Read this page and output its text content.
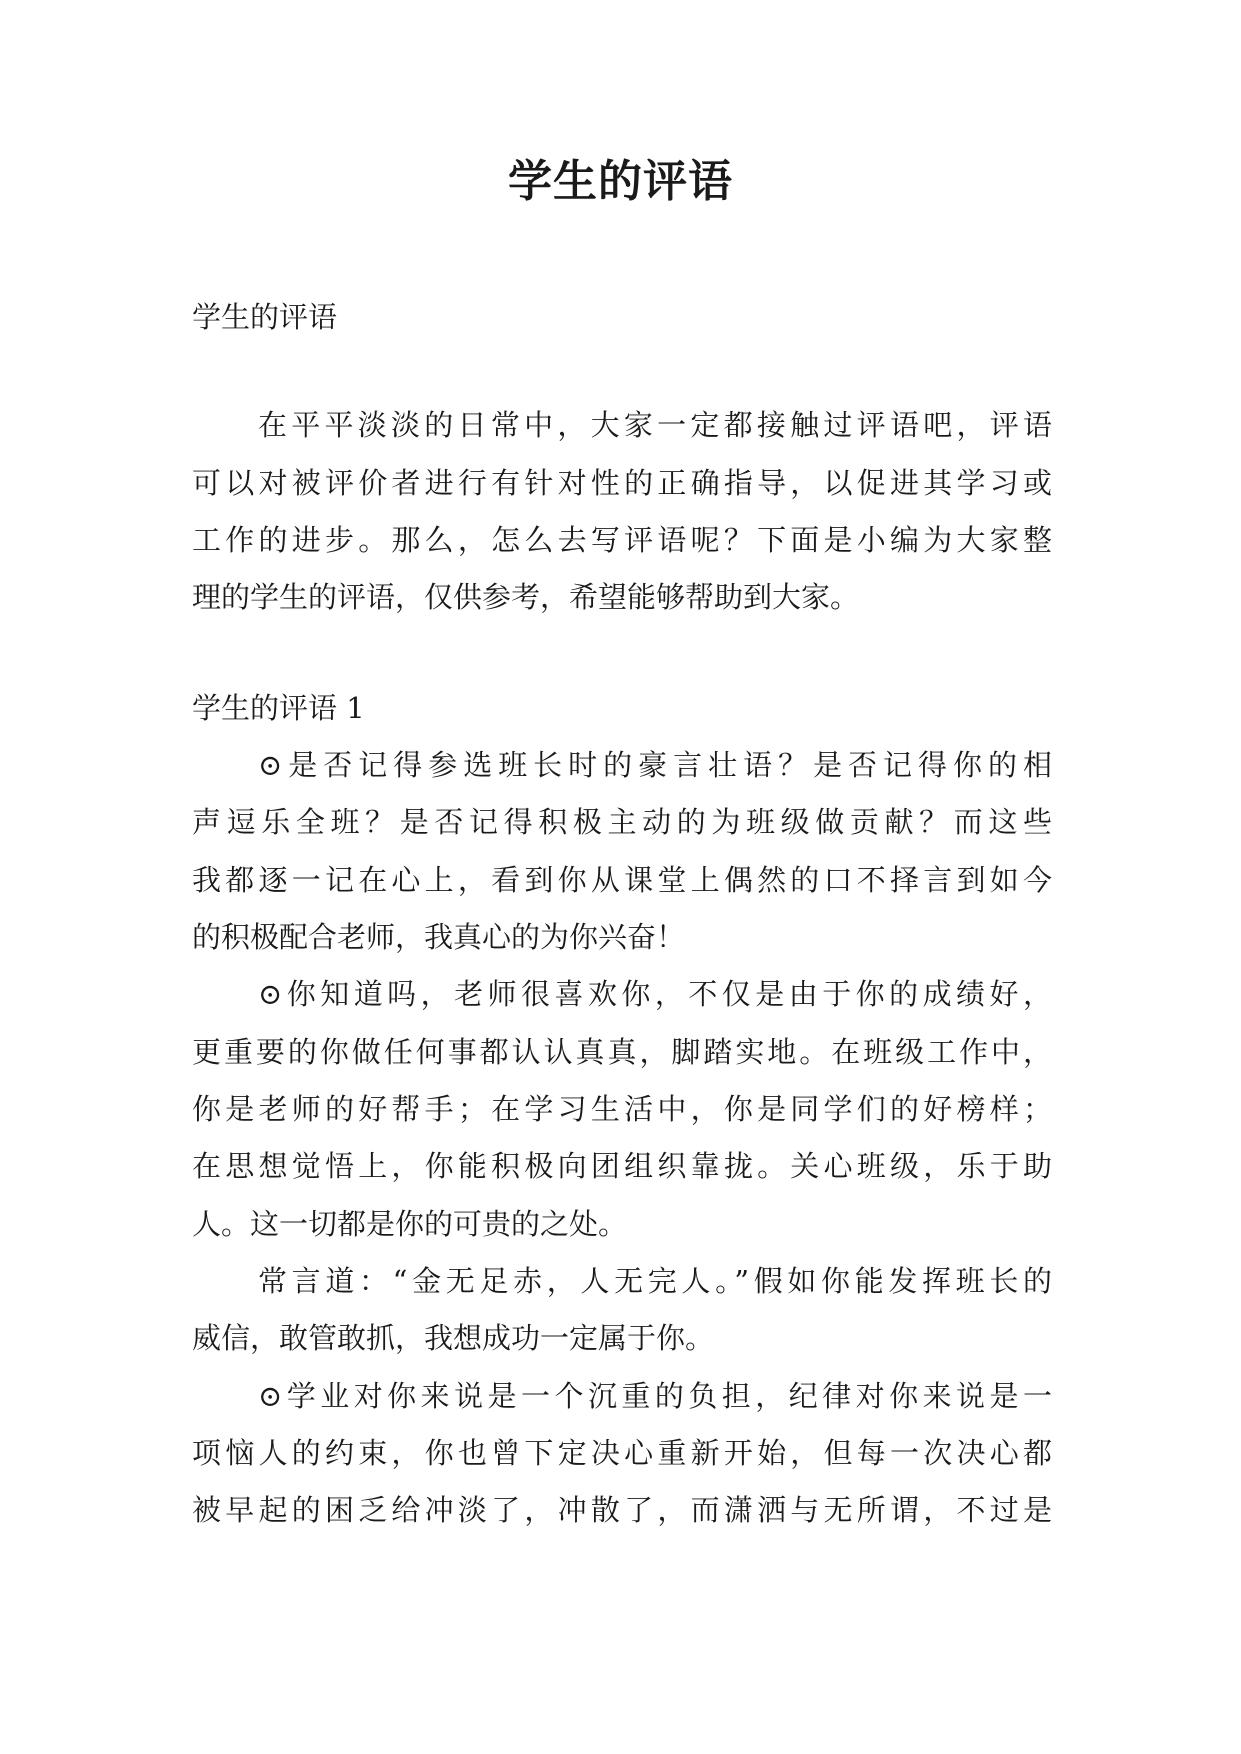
学生的评语
学生的评语
在平平淡淡的日常中，大家一定都接触过评语吧，评语
可以对被评价者进行有针对性的正确指导，以促进其学习或
工作的进步。那么，怎么去写评语呢？下面是小编为大家整
理的学生的评语，仅供参考，希望能够帮助到大家。
学生的评语 1
⊙是否记得参选班长时的豪言壮语？是否记得你的相
声逗乐全班？是否记得积极主动的为班级做贡献？而这些
我都逐一记在心上，看到你从课堂上偶然的口不择言到如今
的积极配合老师，我真心的为你兴奋！
⊙你知道吗，老师很喜欢你，不仅是由于你的成绩好，
更重要的你做任何事都认认真真，脚踏实地。在班级工作中，
你是老师的好帮手；在学习生活中，你是同学们的好榜样；
在思想觉悟上，你能积极向团组织靠拢。关心班级，乐于助
人。这一切都是你的可贵的之处。
常言道：“金无足赤，人无完人。”假如你能发挥班长的
威信，敢管敢抓，我想成功一定属于你。
⊙学业对你来说是一个沉重的负担，纪律对你来说是一
项恼人的约束，你也曾下定决心重新开始，但每一次决心都
被早起的困乏给冲淡了，冲散了，而潇洒与无所谓，不过是
